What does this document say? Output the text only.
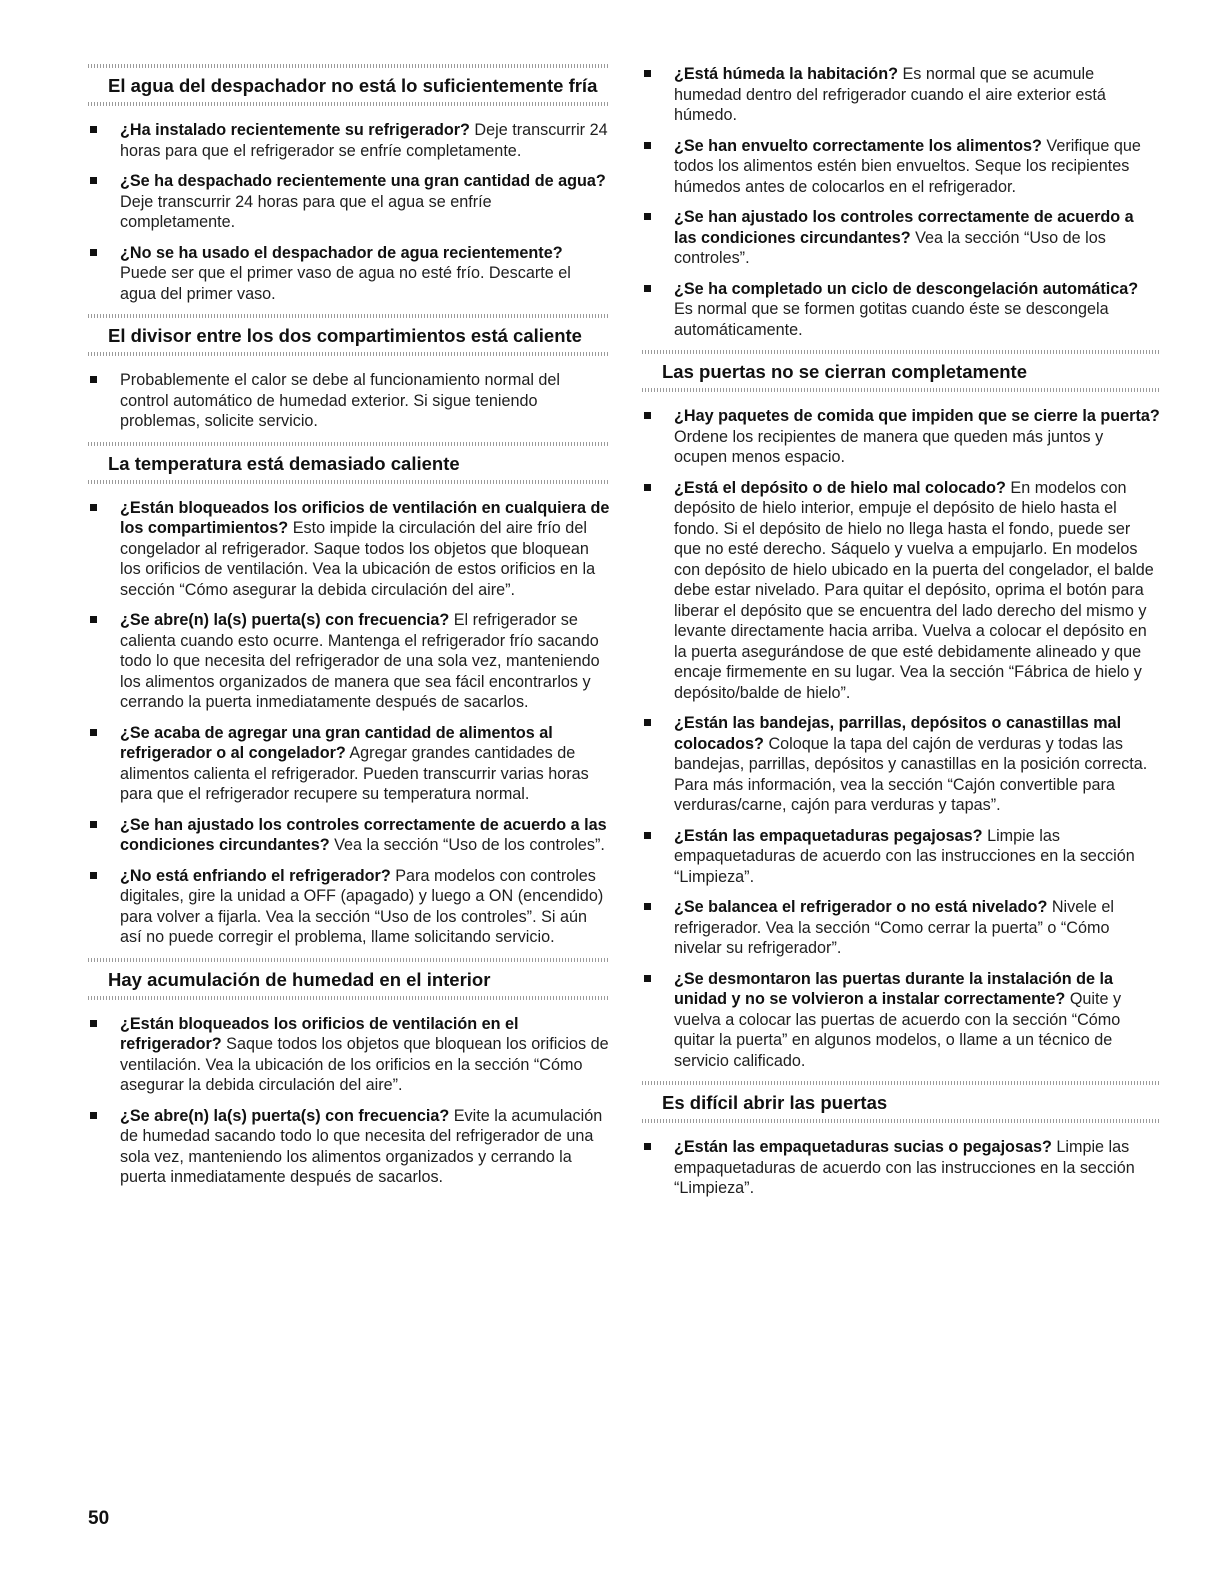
El agua del despachador no está lo suficientemente fría
¿Ha instalado recientemente su refrigerador? Deje transcurrir 24 horas para que el refrigerador se enfríe completamente.
¿Se ha despachado recientemente una gran cantidad de agua? Deje transcurrir 24 horas para que el agua se enfríe completamente.
¿No se ha usado el despachador de agua recientemente? Puede ser que el primer vaso de agua no esté frío. Descarte el agua del primer vaso.
El divisor entre los dos compartimientos está caliente
Probablemente el calor se debe al funcionamiento normal del control automático de humedad exterior. Si sigue teniendo problemas, solicite servicio.
La temperatura está demasiado caliente
¿Están bloqueados los orificios de ventilación en cualquiera de los compartimientos? Esto impide la circulación del aire frío del congelador al refrigerador. Saque todos los objetos que bloquean los orificios de ventilación. Vea la ubicación de estos orificios en la sección “Cómo asegurar la debida circulación del aire”.
¿Se abre(n) la(s) puerta(s) con frecuencia? El refrigerador se calienta cuando esto ocurre. Mantenga el refrigerador frío sacando todo lo que necesita del refrigerador de una sola vez, manteniendo los alimentos organizados de manera que sea fácil encontrarlos y cerrando la puerta inmediatamente después de sacarlos.
¿Se acaba de agregar una gran cantidad de alimentos al refrigerador o al congelador? Agregar grandes cantidades de alimentos calienta el refrigerador. Pueden transcurrir varias horas para que el refrigerador recupere su temperatura normal.
¿Se han ajustado los controles correctamente de acuerdo a las condiciones circundantes? Vea la sección “Uso de los controles”.
¿No está enfriando el refrigerador? Para modelos con controles digitales, gire la unidad a OFF (apagado) y luego a ON (encendido) para volver a fijarla. Vea la sección “Uso de los controles”. Si aún así no puede corregir el problema, llame solicitando servicio.
Hay acumulación de humedad en el interior
¿Están bloqueados los orificios de ventilación en el refrigerador? Saque todos los objetos que bloquean los orificios de ventilación. Vea la ubicación de los orificios en la sección “Cómo asegurar la debida circulación del aire”.
¿Se abre(n) la(s) puerta(s) con frecuencia? Evite la acumulación de humedad sacando todo lo que necesita del refrigerador de una sola vez, manteniendo los alimentos organizados y cerrando la puerta inmediatamente después de sacarlos.
¿Está húmeda la habitación? Es normal que se acumule humedad dentro del refrigerador cuando el aire exterior está húmedo.
¿Se han envuelto correctamente los alimentos? Verifique que todos los alimentos estén bien envueltos. Seque los recipientes húmedos antes de colocarlos en el refrigerador.
¿Se han ajustado los controles correctamente de acuerdo a las condiciones circundantes? Vea la sección “Uso de los controles”.
¿Se ha completado un ciclo de descongelación automática? Es normal que se formen gotitas cuando éste se descongela automáticamente.
Las puertas no se cierran completamente
¿Hay paquetes de comida que impiden que se cierre la puerta? Ordene los recipientes de manera que queden más juntos y ocupen menos espacio.
¿Está el depósito o de hielo mal colocado? En modelos con depósito de hielo interior, empuje el depósito de hielo hasta el fondo. Si el depósito de hielo no llega hasta el fondo, puede ser que no esté derecho. Sáquelo y vuelva a empujarlo. En modelos con depósito de hielo ubicado en la puerta del congelador, el balde debe estar nivelado. Para quitar el depósito, oprima el botón para liberar el depósito que se encuentra del lado derecho del mismo y levante directamente hacia arriba. Vuelva a colocar el depósito en la puerta asegurándose de que esté debidamente alineado y que encaje firmemente en su lugar. Vea la sección “Fábrica de hielo y depósito/balde de hielo”.
¿Están las bandejas, parrillas, depósitos o canastillas mal colocados? Coloque la tapa del cajón de verduras y todas las bandejas, parrillas, depósitos y canastillas en la posición correcta. Para más información, vea la sección “Cajón convertible para verduras/carne, cajón para verduras y tapas”.
¿Están las empaquetaduras pegajosas? Limpie las empaquetaduras de acuerdo con las instrucciones en la sección “Limpieza”.
¿Se balancea el refrigerador o no está nivelado? Nivele el refrigerador. Vea la sección “Como cerrar la puerta” o “Cómo nivelar su refrigerador”.
¿Se desmontaron las puertas durante la instalación de la unidad y no se volvieron a instalar correctamente? Quite y vuelva a colocar las puertas de acuerdo con la sección “Cómo quitar la puerta” en algunos modelos, o llame a un técnico de servicio calificado.
Es difícil abrir las puertas
¿Están las empaquetaduras sucias o pegajosas? Limpie las empaquetaduras de acuerdo con las instrucciones en la sección “Limpieza”.
50
